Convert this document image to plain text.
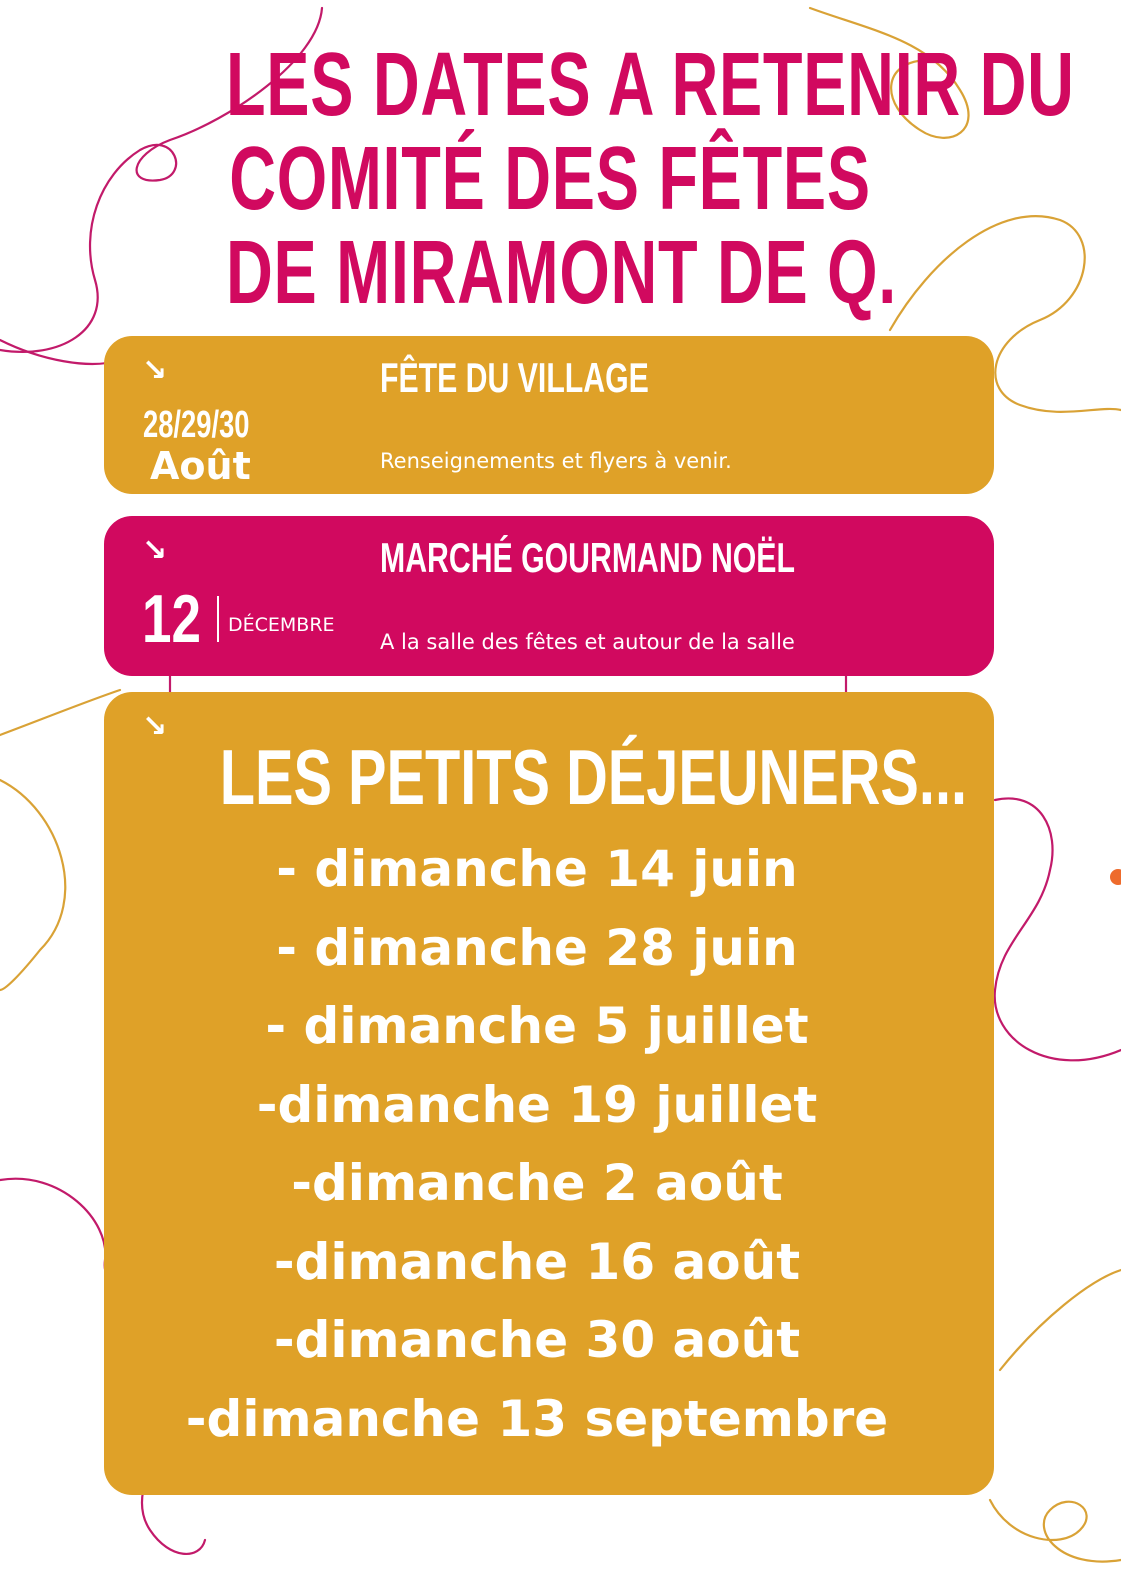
LES DATES A RETENIR DU
COMITÉ DES FÊTES
DE MIRAMONT DE Q.
↘	FÊTE DU VILLAGE
28/29/30
Août	Renseignements et flyers à venir.
↘	MARCHÉ GOURMAND NOËL
12 DÉCEMBRE
A la salle des fêtes et autour de la salle
↘
LES PETITS DÉJEUNERS...
- dimanche 14 juin
- dimanche 28 juin
- dimanche 5 juillet
-dimanche 19 juillet
-dimanche 2 août
-dimanche 16 août
-dimanche 30 août
-dimanche 13 septembre
